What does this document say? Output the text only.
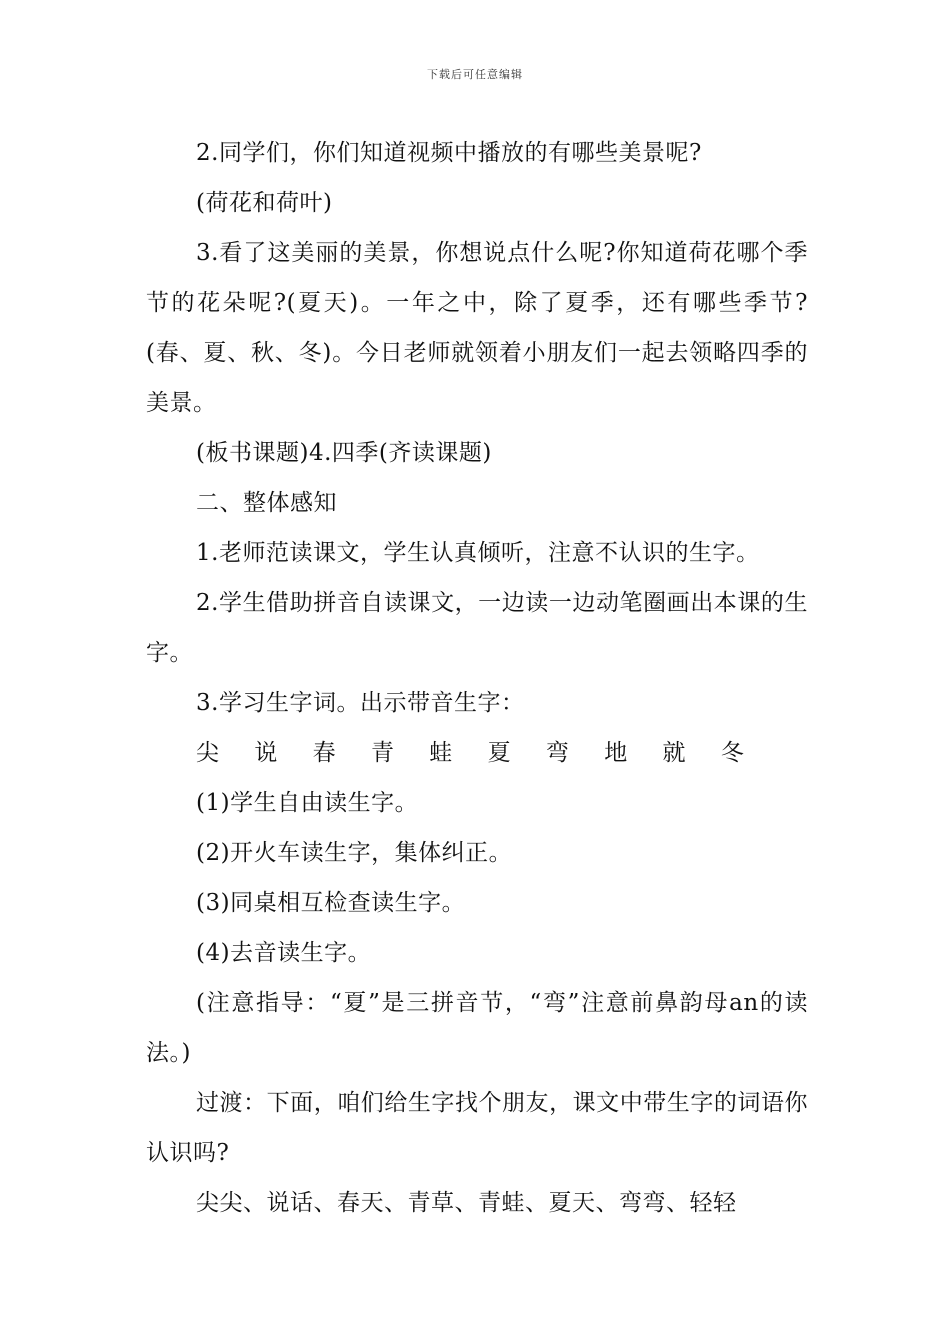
下载后可任意编辑

2.同学们，你们知道视频中播放的有哪些美景呢?

(荷花和荷叶)

3.看了这美丽的美景，你想说点什么呢?你知道荷花哪个季节的花朵呢?(夏天)。一年之中，除了夏季，还有哪些季节?(春、夏、秋、冬)。今日老师就领着小朋友们一起去领略四季的美景。

(板书课题)4.四季(齐读课题)

二、整体感知

1.老师范读课文，学生认真倾听，注意不认识的生字。

2.学生借助拼音自读课文，一边读一边动笔圈画出本课的生字。

3.学习生字词。出示带音生字：

尖 说 春 青 蛙 夏 弯 地 就 冬

(1)学生自由读生字。

(2)开火车读生字，集体纠正。

(3)同桌相互检查读生字。

(4)去音读生字。

(注意指导：“夏”是三拼音节，“弯”注意前鼻韵母an的读法。)

过渡：下面，咱们给生字找个朋友，课文中带生字的词语你认识吗?

尖尖、说话、春天、青草、青蛙、夏天、弯弯、轻轻
